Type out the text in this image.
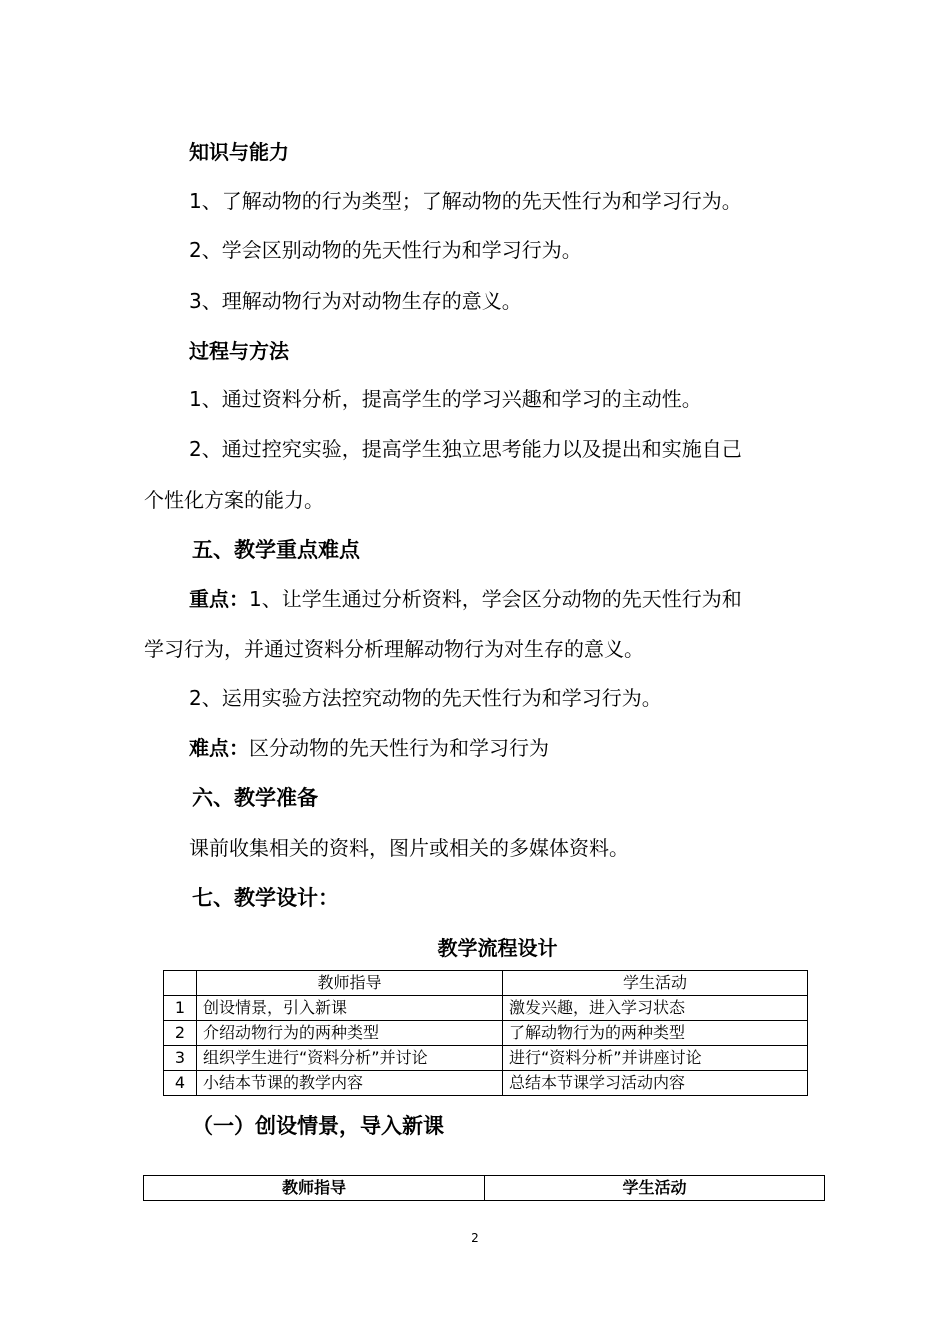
知识与能力
1、了解动物的行为类型；了解动物的先天性行为和学习行为。
2、学会区别动物的先天性行为和学习行为。
3、理解动物行为对动物生存的意义。
过程与方法
1、通过资料分析，提高学生的学习兴趣和学习的主动性。
2、通过控究实验，提高学生独立思考能力以及提出和实施自己
个性化方案的能力。
五、教学重点难点
重点：1、让学生通过分析资料，学会区分动物的先天性行为和
学习行为，并通过资料分析理解动物行为对生存的意义。
2、运用实验方法控究动物的先天性行为和学习行为。
难点：区分动物的先天性行为和学习行为
六、教学准备
课前收集相关的资料，图片或相关的多媒体资料。
七、教学设计：
教学流程设计
	教师指导	学生活动
1	创设情景，引入新课	激发兴趣，进入学习状态
2	介绍动物行为的两种类型	了解动物行为的两种类型
3	组织学生进行“资料分析”并讨论	进行“资料分析”并讲座讨论
4	小结本节课的教学内容	总结本节课学习活动内容
（一）创设情景，导入新课
教师指导	学生活动
2
